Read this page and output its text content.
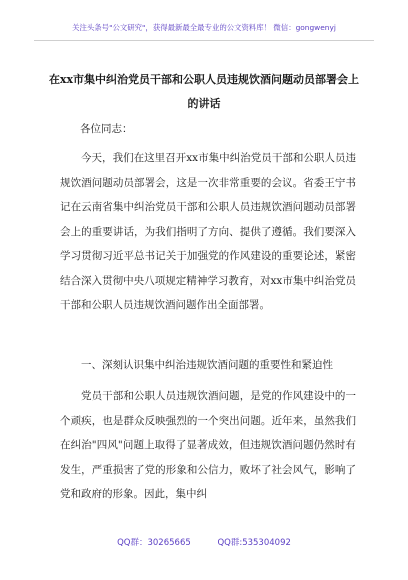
关注头条号"公文研究"，获得最新最全最专业的公文资料库！ 微信：gongwenyj
在xx市集中纠治党员干部和公职人员违规饮酒问题动员部署会上的讲话
各位同志：

今天，我们在这里召开xx市集中纠治党员干部和公职人员违规饮酒问题动员部署会，这是一次非常重要的会议。省委王宁书记在云南省集中纠治党员干部和公职人员违规饮酒问题动员部署会上的重要讲话，为我们指明了方向、提供了遵循。我们要深入学习贯彻习近平总书记关于加强党的作风建设的重要论述，紧密结合深入贯彻中央八项规定精神学习教育，对xx市集中纠治党员干部和公职人员违规饮酒问题作出全面部署。

一、深刻认识集中纠治违规饮酒问题的重要性和紧迫性

党员干部和公职人员违规饮酒问题，是党的作风建设中的一个顽疾，也是群众反映强烈的一个突出问题。近年来，虽然我们在纠治"四风"问题上取得了显著成效，但违规饮酒问题仍然时有发生，严重损害了党的形象和公信力，败坏了社会风气，影响了党和政府的形象。因此，集中纠

QQ群：30265665	QQ群:535304092
